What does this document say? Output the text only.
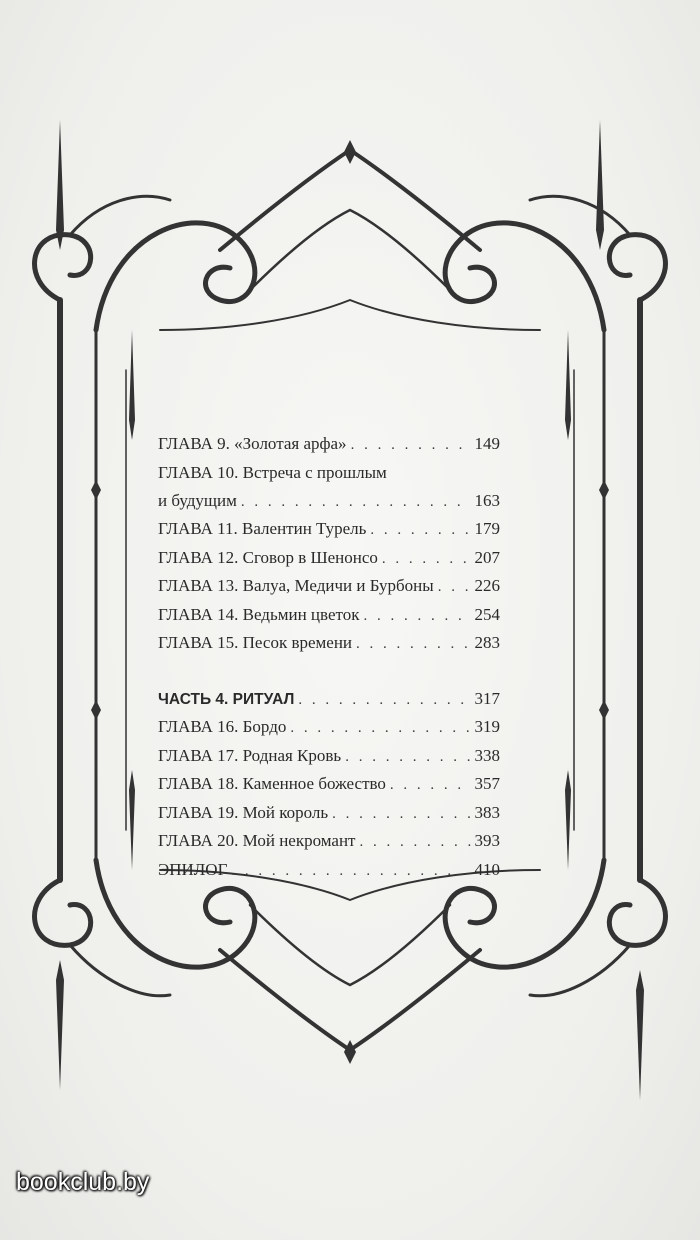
ГЛАВА 9. «Золотая арфа» . . .	149
ГЛАВА 10. Встреча с прошлым
и будущим . . .	163
ГЛАВА 11. Валентин Турель . . .	179
ГЛАВА 12. Сговор в Шенонсо . . .	207
ГЛАВА 13. Валуа, Медичи и Бурбоны . . . 226
ГЛАВА 14. Ведьмин цветок . . .	254
ГЛАВА 15. Песок времени . . .	283
ЧАСТЬ 4. РИТУАЛ . . .	317
ГЛАВА 16. Бордо . . .	319
ГЛАВА 17. Родная Кровь . . .	338
ГЛАВА 18. Каменное божество . . .	357
ГЛАВА 19. Мой король . . .	383
ГЛАВА 20. Мой некромант . . .	393
ЭПИЛОГ . . .	410
bookclub.by
